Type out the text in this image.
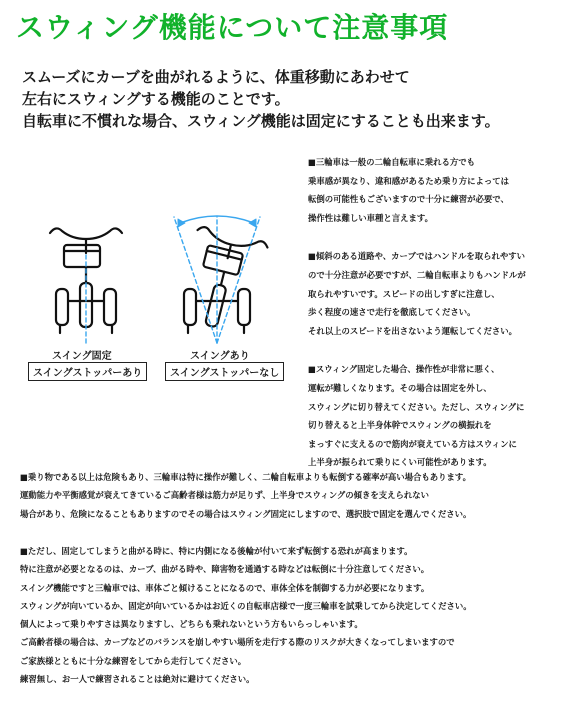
スウィング機能について注意事項

スムーズにカーブを曲がれるように、体重移動にあわせて

左右にスウィングする機能のことです。

自転車に不慣れな場合、スウィング機能は固定にすることも出来ます。

スイング固定
スイングストッパーあり
スイングあり
スイングストッパーなし

■三輪車は一般の二輪自転車に乗れる方でも

乗車感が異なり、違和感があるため乗り方によっては

転倒の可能性もございますので十分に練習が必要で、

操作性は難しい車種と言えます。

■傾斜のある道路や、カーブではハンドルを取られやすい

ので十分注意が必要ですが、二輪自転車よりもハンドルが

取られやすいです。スピードの出しすぎに注意し、

歩く程度の速さで走行を徹底してください。

それ以上のスピードを出さないよう運転してください。

■スウィング固定した場合、操作性が非常に悪く、

運転が難しくなります。その場合は固定を外し、

スウィングに切り替えてください。ただし、スウィングに

切り替えると上半身体幹でスウィングの横振れを

まっすぐに支えるので筋肉が衰えている方はスウィンに

上半身が振られて乗りにくい可能性があります。

■乗り物である以上は危険もあり、三輪車は特に操作が難しく、二輪自転車よりも転倒する確率が高い場合もあります。

運動能力や平衡感覚が衰えてきているご高齢者様は筋力が足りず、上半身でスウィングの傾きを支えられない

場合があり、危険になることもありますのでその場合はスウィング固定にしますので、選択肢で固定を選んでください。

■ただし、固定してしまうと曲がる時に、特に内側になる後輪が付いて来ず転倒する恐れが高まります。

特に注意が必要となるのは、カーブ、曲がる時や、障害物を通過する時などは転倒に十分注意してください。

スイング機能ですと三輪車では、車体ごと傾けることになるので、車体全体を制御する力が必要になります。

スウィングが向いているか、固定が向いているかはお近くの自転車店様で一度三輪車を試乗してから決定してください。

個人によって乗りやすさは異なりますし、どちらも乗れないという方もいらっしゃいます。

ご高齢者様の場合は、カーブなどのバランスを崩しやすい場所を走行する際のリスクが大きくなってしまいますので

ご家族様とともに十分な練習をしてから走行してください。

練習無し、お一人で練習されることは絶対に避けてください。
